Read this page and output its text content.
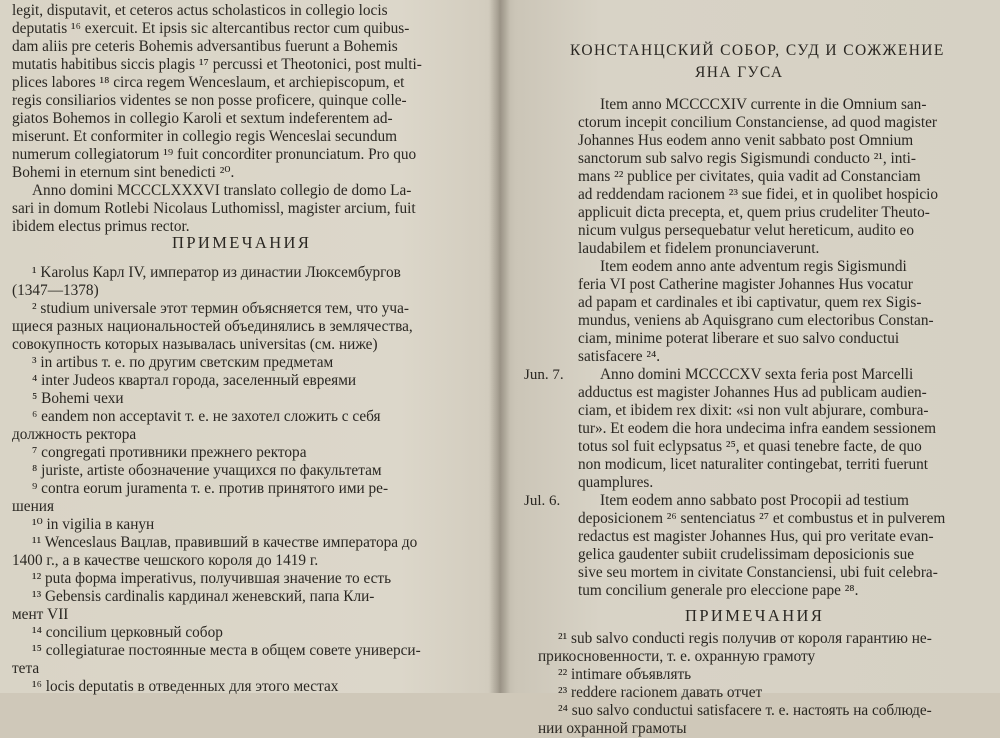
legit, disputavit, et ceteros actus scholasticos in collegio locis
deputatis ¹⁶ exercuit. Et ipsis sic altercantibus rector cum quibus-
dam aliis pre ceteris Bohemis adversantibus fuerunt a Bohemis
mutatis habitibus siccis plagis ¹⁷ percussi et Theotonici, post multi-
plices labores ¹⁸ circa regem Wenceslaum, et archiepiscopum, et
regis consiliarios videntes se non posse proficere, quinque colle-
giatos Bohemos in collegio Karoli et sextum indeferentem ad-
miserunt. Et conformiter in collegio regis Wenceslai secundum
numerum collegiatorum ¹⁹ fuit concorditer pronunciatum. Pro quo
Bohemi in eternum sint benedicti ²⁰.
Anno domini MCCCLXXXVI translato collegio de domo La-
sari in domum Rotlebi Nicolaus Luthomissl, magister arcium, fuit
ibidem electus primus rector.
ПРИМЕЧАНИЯ
¹ Karolus Карл IV, император из династии Люксембургов
(1347—1378)
² studium universale этот термин объясняется тем, что уча-
щиеся разных национальностей объединялись в землячества,
совокупность которых называлась universitas (см. ниже)
³ in artibus т. е. по другим светским предметам
⁴ inter Judeos квартал города, заселенный евреями
⁵ Bohemi чехи
⁶ eandem non acceptavit т. е. не захотел сложить с себя
должность ректора
⁷ congregati противники прежнего ректора
⁸ juriste, artiste обозначение учащихся по факультетам
⁹ contra eorum juramenta т. е. против принятого ими ре-
шения
¹⁰ in vigilia в канун
¹¹ Wenceslaus Вацлав, правивший в качестве императора до
1400 г., а в качестве чешского короля до 1419 г.
¹² puta форма imperativus, получившая значение то есть
¹³ Gebensis cardinalis кардинал женевский, папа Кли-
мент VII
¹⁴ concilium церковный собор
¹⁵ collegiaturae постоянные места в общем совете универси-
тета
¹⁶ locis deputatis в отведенных для этого местах
КОНСТАНЦСКИЙ СОБОР, СУД И СОЖЖЕНИЕ
ЯНА ГУСА
Item anno MCCCCXIV currente in die Omnium san-
ctorum incepit concilium Constanciense, ad quod magister
Johannes Hus eodem anno venit sabbato post Omnium
sanctorum sub salvo regis Sigismundi conducto ²¹, inti-
mans ²² publice per civitates, quia vadit ad Constanciam
ad reddendam racionem ²³ sue fidei, et in quolibet hospicio
applicuit dicta precepta, et, quem prius crudeliter Theuto-
nicum vulgus persequebatur velut hereticum, audito eo
laudabilem et fidelem pronunciaverunt.
Item eodem anno ante adventum regis Sigismundi
feria VI post Catherine magister Johannes Hus vocatur
ad papam et cardinales et ibi captivatur, quem rex Sigis-
mundus, veniens ab Aquisgrano cum electoribus Constan-
ciam, minime poterat liberare et suo salvo conductui
satisfacere ²⁴.
Jun. 7. Anno domini MCCCCXV sexta feria post Marcelli
adductus est magister Johannes Hus ad publicam audien-
ciam, et ibidem rex dixit: «si non vult abjurare, combura-
tur». Et eodem die hora undecima infra eandem sessionem
totus sol fuit eclypsatus ²⁵, et quasi tenebre facte, de quo
non modicum, licet naturaliter contingebat, territi fuerunt
quamplures.
Jul. 6.	Item eodem anno sabbato post Procopii ad testium
deposicionem ²⁶ sentenciatus ²⁷ et combustus et in pulverem
redactus est magister Johannes Hus, qui pro veritate evan-
gelica gaudenter subiit crudelissimam deposicionis sue
sive seu mortem in civitate Constanciensi, ubi fuit celebra-
tum concilium generale pro eleccione pape ²⁸.
ПРИМЕЧАНИЯ
²¹ sub salvo conducti regis получив от короля гарантию не-
прикосновенности, т. е. охранную грамоту
²² intimare объявлять
²³ reddere racionem давать отчет
²⁴ suo salvo conductui satisfacere т. е. настоять на соблюде-
нии охранной грамоты
